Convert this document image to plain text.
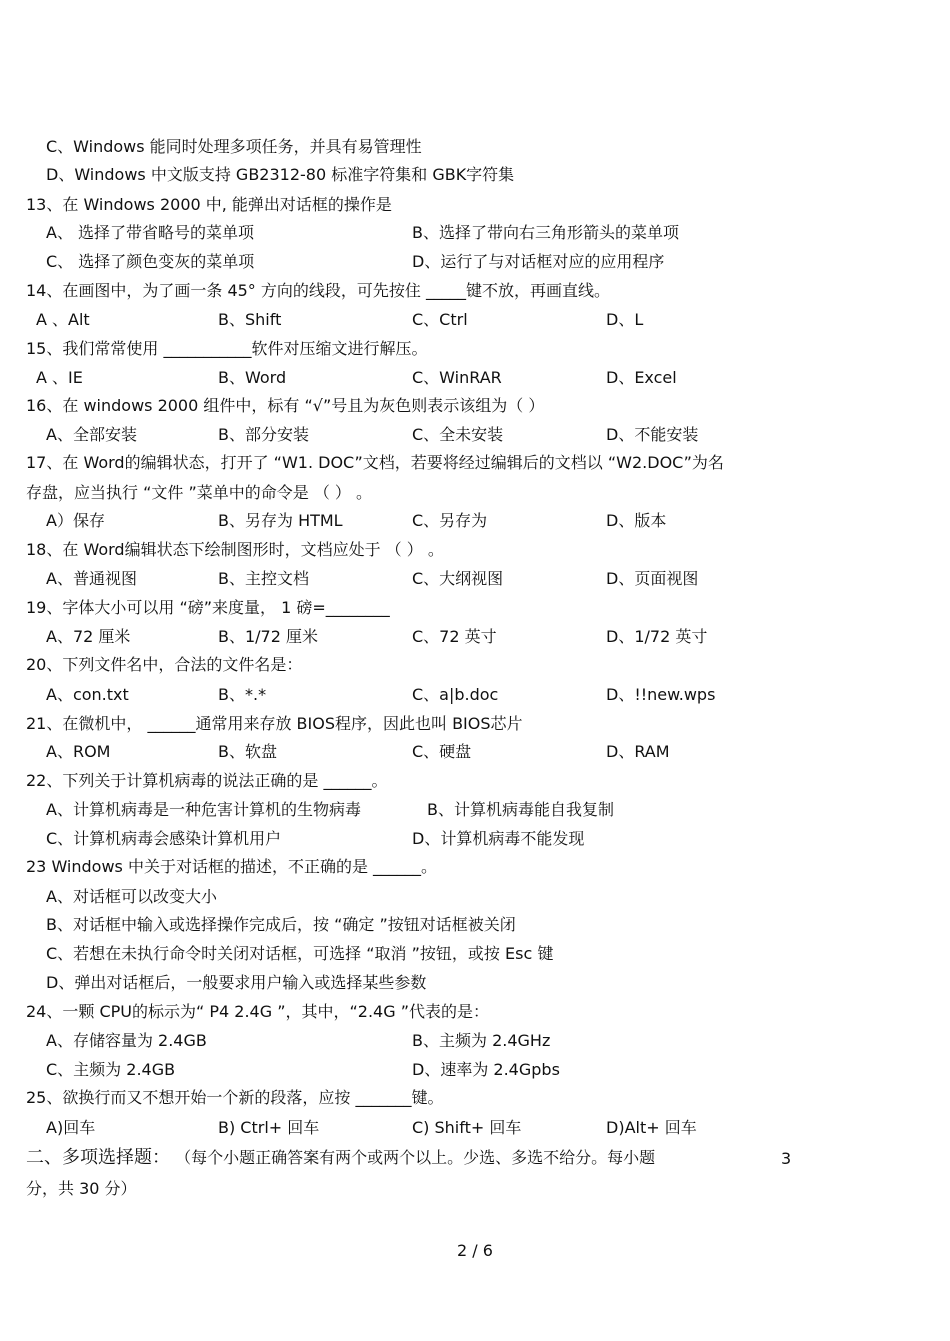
C、Windows 能同时处理多项任务，并具有易管理性
D、Windows 中文版支持 GB2312-80 标准字符集和 GBK字符集
13、在 Windows 2000 中, 能弹出对话框的操作是
A、 选择了带省略号的菜单项	B、选择了带向右三角形箭头的菜单项
C、 选择了颜色变灰的菜单项	D、运行了与对话框对应的应用程序
14、在画图中，为了画一条 45° 方向的线段，可先按住 _____键不放，再画直线。
A 、Alt	B、Shift	C、Ctrl	D、L
15、我们常常使用 ___________软件对压缩文进行解压。
A 、IE	B、Word	C、WinRAR	D、Excel
16、在 windows 2000 组件中，标有 “√”号且为灰色则表示该组为（ ）
A、全部安装	B、部分安装	C、全未安装	D、不能安装
17、在 Word的编辑状态，打开了 “W1. DOC”文档，若要将经过编辑后的文档以 “W2.DOC”为名
存盘，应当执行 “文件 ”菜单中的命令是 （ ） 。
A）保存	B、另存为 HTML	C、另存为	D、版本
18、在 Word编辑状态下绘制图形时，文档应处于 （ ） 。
A、普通视图	B、主控文档	C、大纲视图	D、页面视图
19、字体大小可以用 “磅”来度量， 1 磅=________
A、72 厘米	B、1/72 厘米	C、72 英寸	D、1/72 英寸
20、下列文件名中，合法的文件名是：
A、con.txt	B、*.*	C、a|b.doc	D、!!new.wps
21、在微机中， ______通常用来存放 BIOS程序，因此也叫 BIOS芯片
A、ROM	B、软盘	C、硬盘	D、RAM
22、下列关于计算机病毒的说法正确的是 ______。
A、计算机病毒是一种危害计算机的生物病毒	B、计算机病毒能自我复制
C、计算机病毒会感染计算机用户	D、计算机病毒不能发现
23 Windows 中关于对话框的描述，不正确的是 ______。
A、对话框可以改变大小
B、对话框中输入或选择操作完成后，按 “确定 ”按钮对话框被关闭
C、若想在未执行命令时关闭对话框，可选择 “取消 ”按钮，或按 Esc 键
D、弹出对话框后，一般要求用户输入或选择某些参数
24、一颗 CPU的标示为“ P4 2.4G ”，其中，“2.4G ”代表的是：
A、存储容量为 2.4GB	B、主频为 2.4GHz
C、主频为 2.4GB	D、速率为 2.4Gpbs
25、欲换行而又不想开始一个新的段落，应按 _______键。
A)回车	B) Ctrl+ 回车	C) Shift+ 回车	D)Alt+ 回车
二、多项选择题： （每个小题正确答案有两个或两个以上。少选、多选不给分。每小题	3
分，共 30 分）
2 / 6
